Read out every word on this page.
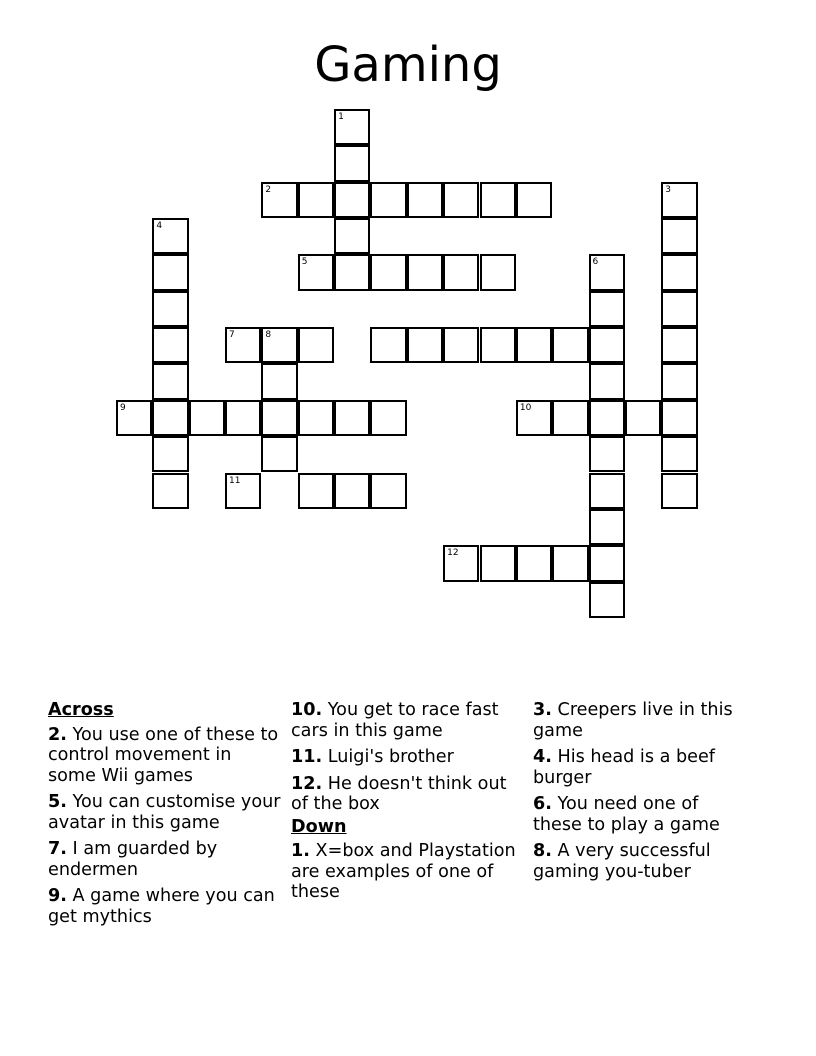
Gaming
1
2	3
4
5	6
7	8
9	10
11
12
Across
2. You use one of these to control movement in some Wii games
5. You can customise your avatar in this game
7. I am guarded by endermen
9. A game where you can get mythics
10. You get to race fast cars in this game
11. Luigi's brother
12. He doesn't think out of the box
Down
1. X=box and Playstation are examples of one of these
3. Creepers live in this game
4. His head is a beef burger
6. You need one of these to play a game
8. A very successful gaming you-tuber
